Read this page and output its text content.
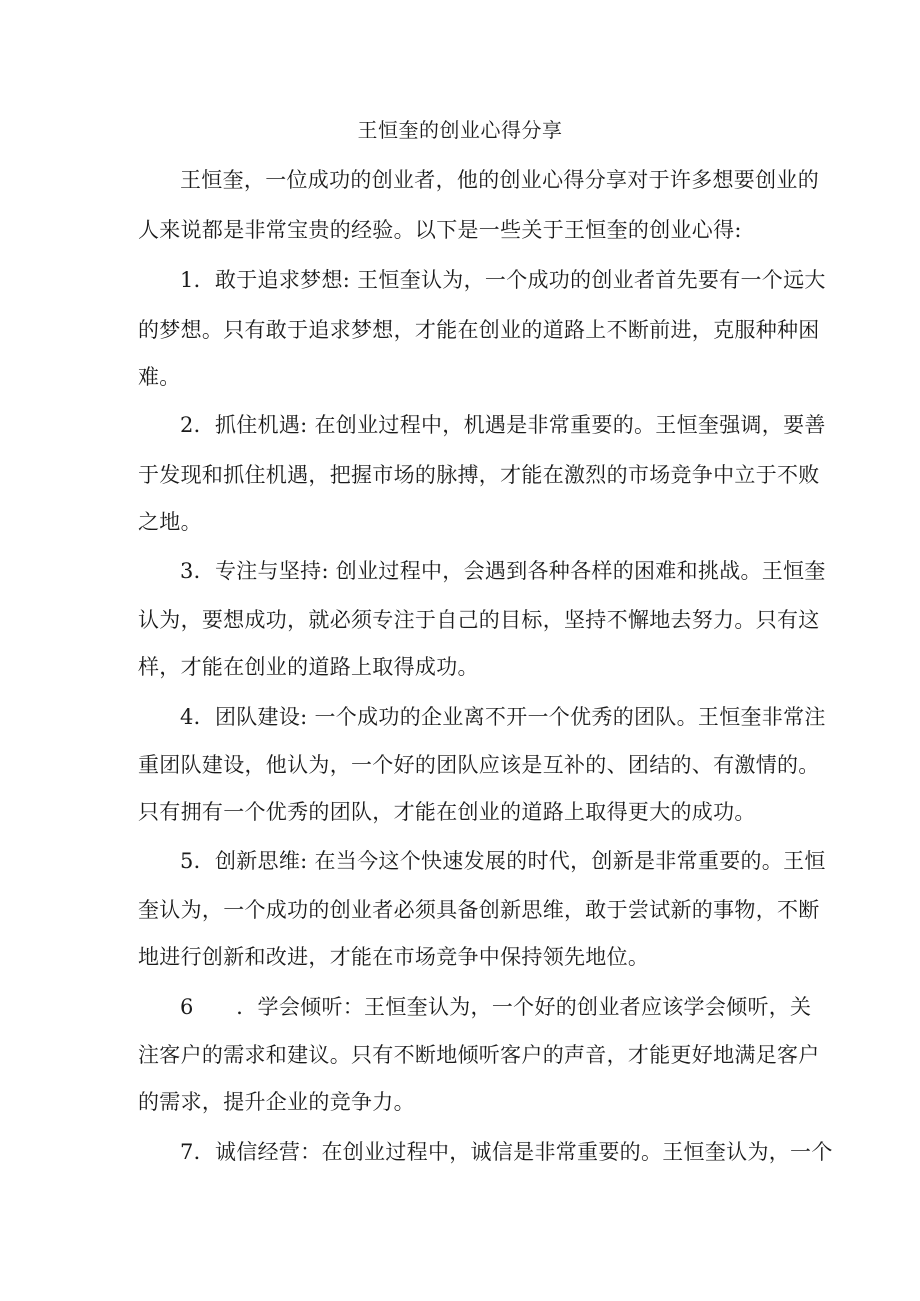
王恒奎的创业心得分享
王恒奎，一位成功的创业者，他的创业心得分享对于许多想要创业的
人来说都是非常宝贵的经验。以下是一些关于王恒奎的创业心得:
1．敢于追求梦想: 王恒奎认为，一个成功的创业者首先要有一个远大
的梦想。只有敢于追求梦想，才能在创业的道路上不断前进，克服种种困
难。
2．抓住机遇: 在创业过程中，机遇是非常重要的。王恒奎强调，要善
于发现和抓住机遇，把握市场的脉搏，才能在激烈的市场竞争中立于不败
之地。
3．专注与坚持: 创业过程中，会遇到各种各样的困难和挑战。王恒奎
认为，要想成功，就必须专注于自己的目标，坚持不懈地去努力。只有这
样，才能在创业的道路上取得成功。
4．团队建设: 一个成功的企业离不开一个优秀的团队。王恒奎非常注
重团队建设，他认为，一个好的团队应该是互补的、团结的、有激情的。
只有拥有一个优秀的团队，才能在创业的道路上取得更大的成功。
5．创新思维: 在当今这个快速发展的时代，创新是非常重要的。王恒
奎认为，一个成功的创业者必须具备创新思维，敢于尝试新的事物，不断
地进行创新和改进，才能在市场竞争中保持领先地位。
6　　．学会倾听：王恒奎认为，一个好的创业者应该学会倾听，关
注客户的需求和建议。只有不断地倾听客户的声音，才能更好地满足客户
的需求，提升企业的竞争力。
7．诚信经营：在创业过程中，诚信是非常重要的。王恒奎认为，一个
